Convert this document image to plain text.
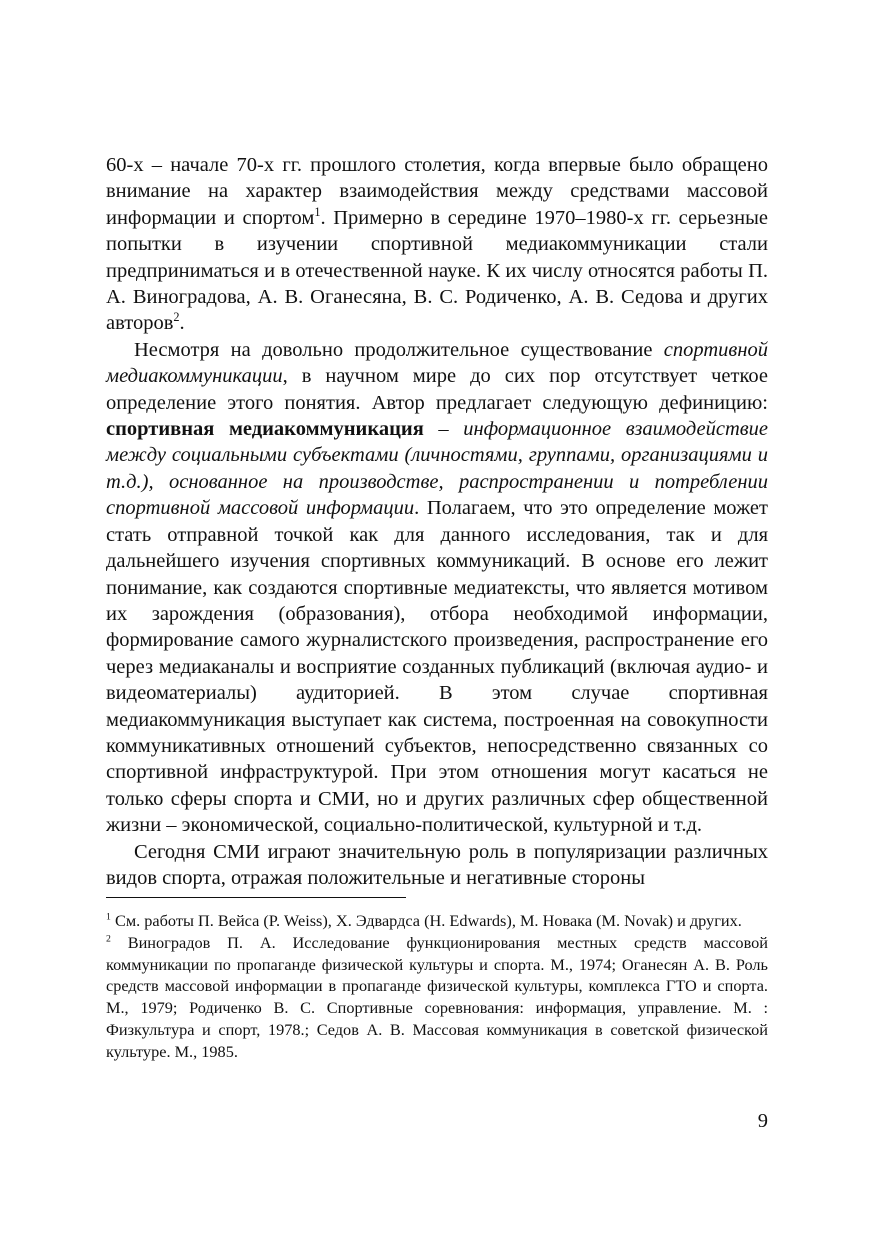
60-х – начале 70-х гг. прошлого столетия, когда впервые было обращено внимание на характер взаимодействия между средствами массовой информации и спортом$^1$. Примерно в середине 1970–1980-х гг. серьезные попытки в изучении спортивной медиакоммуникации стали предприниматься и в отечественной науке. К их числу относятся работы П. А. Виноградова, А. В. Оганесяна, В. С. Родиченко, А. В. Седова и других авторов$^2$.

Несмотря на довольно продолжительное существование спортивной медиакоммуникации, в научном мире до сих пор отсутствует четкое определение этого понятия. Автор предлагает следующую дефиницию: спортивная медиакоммуникация – информационное взаимодействие между социальными субъектами (личностями, группами, организациями и т.д.), основанное на производстве, распространении и потреблении спортивной массовой информации. Полагаем, что это определение может стать отправной точкой как для данного исследования, так и для дальнейшего изучения спортивных коммуникаций. В основе его лежит понимание, как создаются спортивные медиатексты, что является мотивом их зарождения (образования), отбора необходимой информации, формирование самого журналистского произведения, распространение его через медиаканалы и восприятие созданных публикаций (включая аудио- и видеоматериалы) аудиторией. В этом случае спортивная медиакоммуникация выступает как система, построенная на совокупности коммуникативных отношений субъектов, непосредственно связанных со спортивной инфраструктурой. При этом отношения могут касаться не только сферы спорта и СМИ, но и других различных сфер общественной жизни – экономической, социально-политической, культурной и т.д.

Сегодня СМИ играют значительную роль в популяризации различных видов спорта, отражая положительные и негативные стороны

$^1$ См. работы П. Вейса (P. Weiss), Х. Эдвардса (H. Edwards), М. Новака (M. Novak) и других.

$^2$ Виноградов П. А. Исследование функционирования местных средств массовой коммуникации по пропаганде физической культуры и спорта. М., 1974; Оганесян А. В. Роль средств массовой информации в пропаганде физической культуры, комплекса ГТО и спорта. М., 1979; Родиченко В. С. Спортивные соревнования: информация, управление. М. : Физкультура и спорт, 1978.; Седов А. В. Массовая коммуникация в советской физической культуре. М., 1985.

9
